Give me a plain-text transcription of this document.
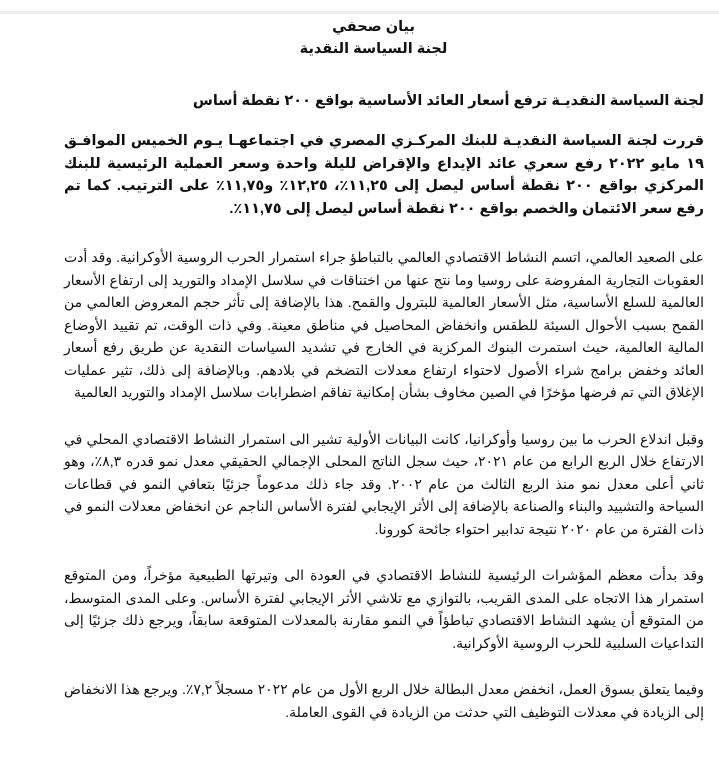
بيان صحفي
لجنة السياسة النقدية
لجنة السياسة النقديـة ترفع أسعار العائد الأساسية بواقع ٢٠٠ نقطة أساس
قررت لجنة السياسة النقديـة للبنك المركـزي المصري في اجتماعهـا يـوم الخميس الموافـق ١٩ مايو ٢٠٢٢ رفع سعري عائد الإيداع والإقراض لليلة واحدة وسعر العملية الرئيسية للبنك المركزي بواقع ٢٠٠ نقطة أساس ليصل إلى ١١,٢٥٪، ١٢,٢٥٪ و١١,٧٥٪ على الترتيب. كما تم رفع سعر الائتمان والخصم بواقع ٢٠٠ نقطة أساس ليصل إلى ١١,٧٥٪.
على الصعيد العالمي، اتسم النشاط الاقتصادي العالمي بالتباطؤ جراء استمرار الحرب الروسية الأوكرانية. وقد أدت العقوبات التجارية المفروضة على روسيا وما نتج عنها من اختناقات في سلاسل الإمداد والتوريد إلى ارتفاع الأسعار العالمية للسلع الأساسية، مثل الأسعار العالمية للبترول والقمح. هذا بالإضافة إلى تأثر حجم المعروض العالمي من القمح بسبب الأحوال السيئة للطقس وانخفاض المحاصيل في مناطق معينة. وفي ذات الوقت، تم تقييد الأوضاع المالية العالمية، حيث استمرت البنوك المركزية في الخارج في تشديد السياسات النقدية عن طريق رفع أسعار العائد وخفض برامج شراء الأصول لاحتواء ارتفاع معدلات التضخم في بلادهم. وبالإضافة إلى ذلك، تثير عمليات الإغلاق التي تم فرضها مؤخرًا في الصين مخاوف بشأن إمكانية تفاقم اضطرابات سلاسل الإمداد والتوريد العالمية
وقبل اندلاع الحرب ما بين روسيا وأوكرانيا، كانت البيانات الأولية تشير الى استمرار النشاط الاقتصادي المحلي في الارتفاع خلال الربع الرابع من عام ٢٠٢١، حيث سجل الناتج المحلى الإجمالي الحقيقي معدل نمو قدره ٨,٣٪، وهو ثاني أعلى معدل نمو منذ الربع الثالث من عام ٢٠٠٢. وقد جاء ذلك مدعوماً جزئيًا بتعافي النمو في قطاعات السياحة والتشييد والبناء والصناعة بالإضافة إلى الأثر الإيجابي لفترة الأساس الناجم عن انخفاض معدلات النمو في ذات الفترة من عام ٢٠٢٠ نتيجة تدابير احتواء جائحة كورونا.
وقد بدأت معظم المؤشرات الرئيسية للنشاط الاقتصادي في العودة الى وتيرتها الطبيعية مؤخراً، ومن المتوقع استمرار هذا الاتجاه على المدى القريب، بالتوازي مع تلاشي الأثر الإيجابي لفترة الأساس. وعلى المدى المتوسط، من المتوقع أن يشهد النشاط الاقتصادي تباطؤاً في النمو مقارنة بالمعدلات المتوقعة سابقاً، ويرجع ذلك جزئيًا إلى التداعيات السلبية للحرب الروسية الأوكرانية.
وفيما يتعلق بسوق العمل، انخفض معدل البطالة خلال الربع الأول من عام ٢٠٢٢ مسجلاً ٧,٢٪. ويرجع هذا الانخفاض إلى الزيادة في معدلات التوظيف التي حدثت من الزيادة في القوى العاملة.
